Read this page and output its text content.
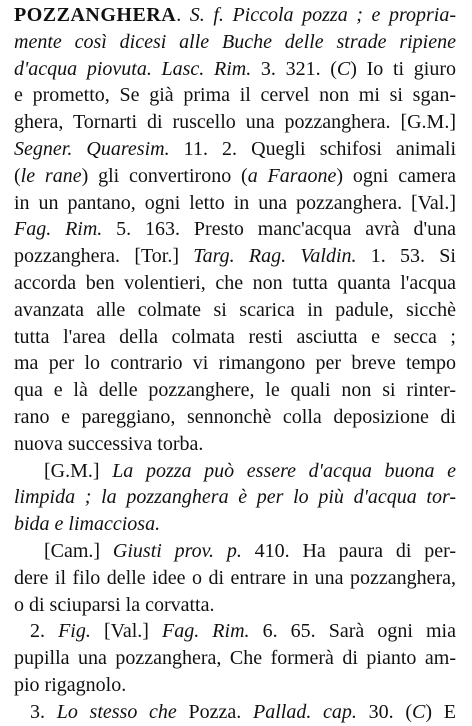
POZZANGHERA. S. f. Piccola pozza ; e propria-
mente così dicesi alle Buche delle strade ripiene
d'acqua piovuta. Lasc. Rim. 3. 321. (C) Io ti giuro
e prometto, Se già prima il cervel non mi si sgan-
ghera, Tornarti di ruscello una pozzanghera. [G.M.]
Segner. Quaresim. 11. 2. Quegli schifosi animali
(le rane) gli convertirono (a Faraone) ogni camera
in un pantano, ogni letto in una pozzanghera. [Val.]
Fag. Rim. 5. 163. Presto manc'acqua avrà d'una
pozzanghera. [Tor.] Targ. Rag. Valdin. 1. 53. Si
accorda ben volentieri, che non tutta quanta l'acqua
avanzata alle colmate si scarica in padule, sicchè
tutta l'area della colmata resti asciutta e secca ;
ma per lo contrario vi rimangono per breve tempo
qua e là delle pozzanghere, le quali non si rinter-
rano e pareggiano, sennonchè colla deposizione di
nuova successiva torba.
[G.M.] La pozza può essere d'acqua buona e
limpida ; la pozzanghera è per lo più d'acqua tor-
bida e limacciosa.
[Cam.] Giusti prov. p. 410. Ha paura di per-
dere il filo delle idee o di entrare in una pozzanghera,
o di sciuparsi la corvatta.
2. Fig. [Val.] Fag. Rim. 6. 65. Sarà ogni mia
pupilla una pozzanghera, Che formerà di pianto am-
pio rigagnolo.
3. Lo stesso che Pozza. Pallad. cap. 30. (C) E
